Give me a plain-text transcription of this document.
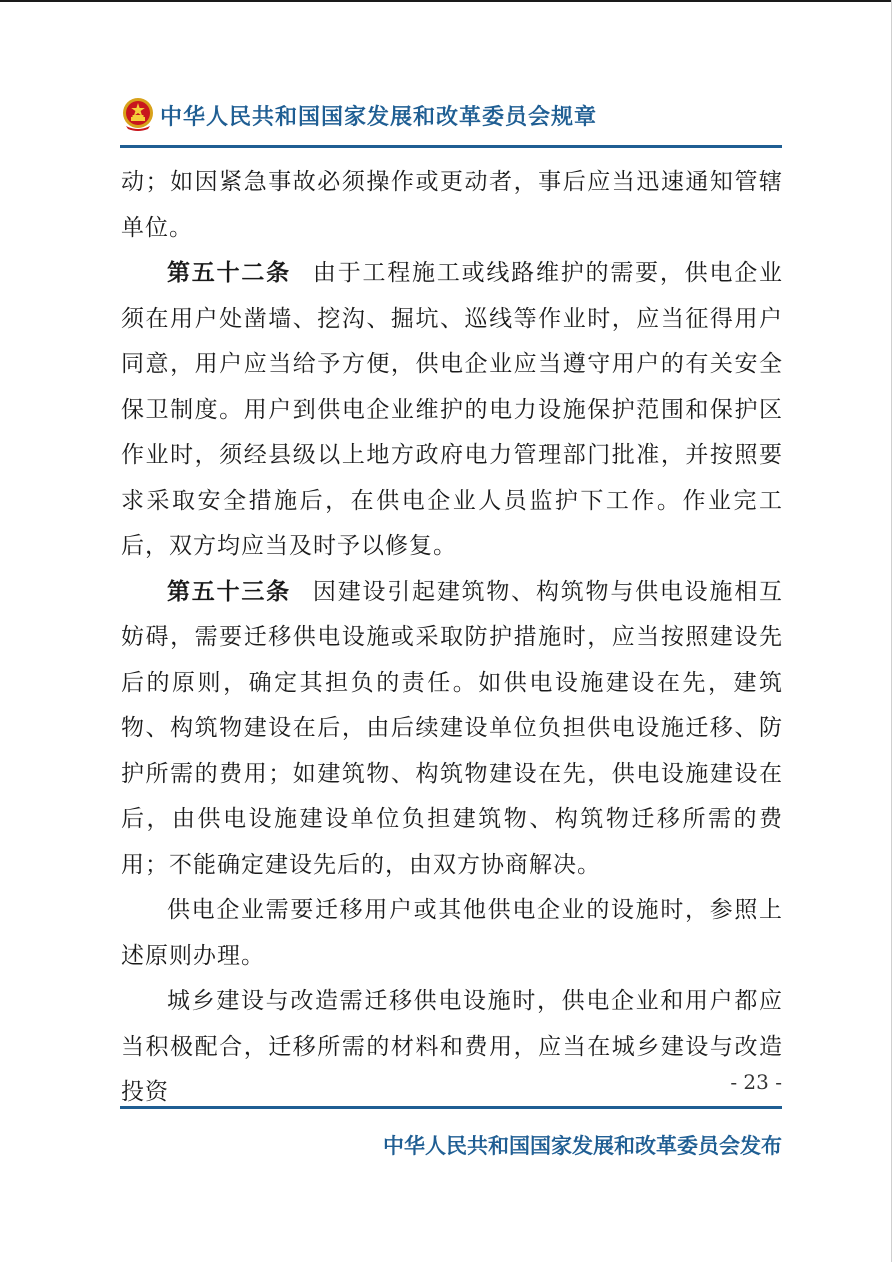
中华人民共和国国家发展和改革委员会规章

动；如因紧急事故必须操作或更动者，事后应当迅速通知管辖单位。

第五十二条 由于工程施工或线路维护的需要，供电企业须在用户处凿墙、挖沟、掘坑、巡线等作业时，应当征得用户同意，用户应当给予方便，供电企业应当遵守用户的有关安全保卫制度。用户到供电企业维护的电力设施保护范围和保护区作业时，须经县级以上地方政府电力管理部门批准，并按照要求采取安全措施后，在供电企业人员监护下工作。作业完工后，双方均应当及时予以修复。

第五十三条 因建设引起建筑物、构筑物与供电设施相互妨碍，需要迁移供电设施或采取防护措施时，应当按照建设先后的原则，确定其担负的责任。如供电设施建设在先，建筑物、构筑物建设在后，由后续建设单位负担供电设施迁移、防护所需的费用；如建筑物、构筑物建设在先，供电设施建设在后，由供电设施建设单位负担建筑物、构筑物迁移所需的费用；不能确定建设先后的，由双方协商解决。

供电企业需要迁移用户或其他供电企业的设施时，参照上述原则办理。

城乡建设与改造需迁移供电设施时，供电企业和用户都应当积极配合，迁移所需的材料和费用，应当在城乡建设与改造投资	- 23 -
中华人民共和国国家发展和改革委员会发布
